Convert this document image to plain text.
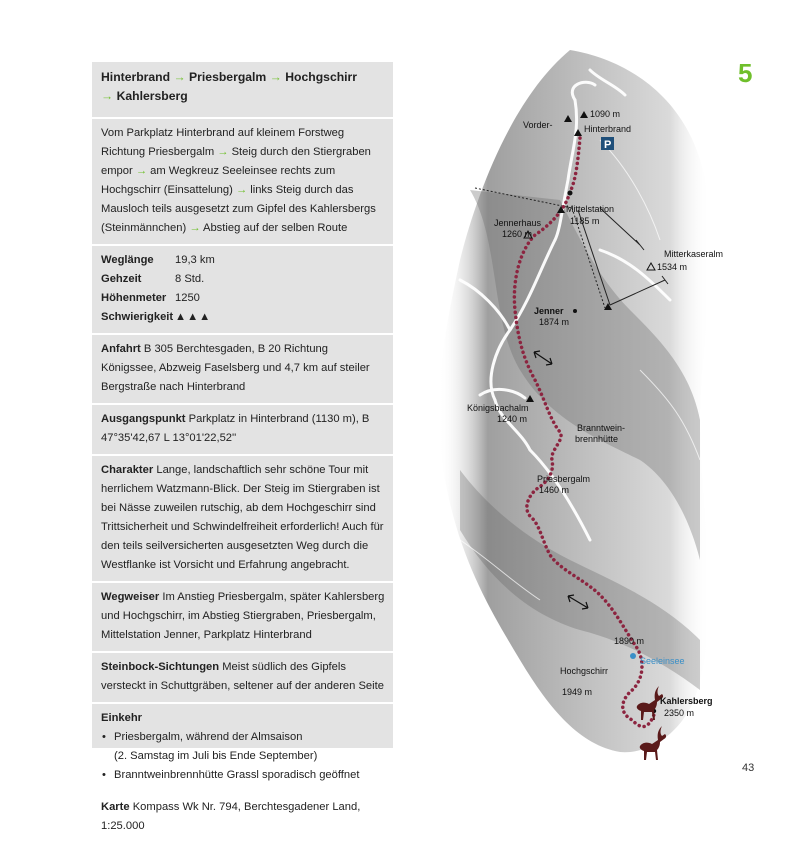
5
43
Hinterbrand → Priesbergalm → Hochgschirr
→ Kahlersberg
Vom Parkplatz Hinterbrand auf kleinem Forstweg Richtung Priesbergalm → Steig durch den Stiergraben empor → am Wegkreuz Seeleinsee rechts zum Hochgschirr (Einsattelung) → links Steig durch das Mausloch teils ausgesetzt zum Gipfel des Kahlersbergs (Steinmännchen) → Abstieg auf der selben Route
Weglänge	19,3 km
Gehzeit	8 Std.
Höhenmeter 1250
Schwierigkeit ▲▲▲
Anfahrt B 305 Berchtesgaden, B 20 Richtung Königssee, Abzweig Faselsberg und 4,7 km auf steiler Bergstraße nach Hinterbrand
Ausgangspunkt Parkplatz in Hinterbrand (1130 m), B 47°35'42,67 L 13°01'22,52''
Charakter Lange, landschaftlich sehr schöne Tour mit herrlichem Watzmann-Blick. Der Steig im Stiergraben ist bei Nässe zuweilen rutschig, ab dem Hochgeschirr sind Trittsicherheit und Schwindelfreiheit erforderlich! Auch für den teils seilversicherten ausgesetzten Weg durch die Westflanke ist Vorsicht und Erfahrung angebracht.
Wegweiser Im Anstieg Priesbergalm, später Kahlersberg und Hochgschirr, im Abstieg Stiergraben, Priesbergalm, Mittelstation Jenner, Parkplatz Hinterbrand
Steinbock-Sichtungen Meist südlich des Gipfels versteckt in Schuttgräben, seltener auf der anderen Seite
Einkehr
• Priesbergalm, während der Almsaison
(2. Samstag im Juli bis Ende September)
• Branntweinbrennhütte Grassl sporadisch geöffnet
Karte Kompass Wk Nr. 794, Berchtesgadener Land, 1:25.000
P
Vorder-
1090 m
Hinterbrand
Mittelstation
1185 m
Jennerhaus
1260 m
Mitterkaseralm
1534 m
Jenner
1874 m
Königsbachalm
1240 m
Branntwein-
brennhütte
Priesbergalm
1460 m
1890 m
Seeleinsee
Hochgschirr
1949 m
Kahlersberg
2350 m
